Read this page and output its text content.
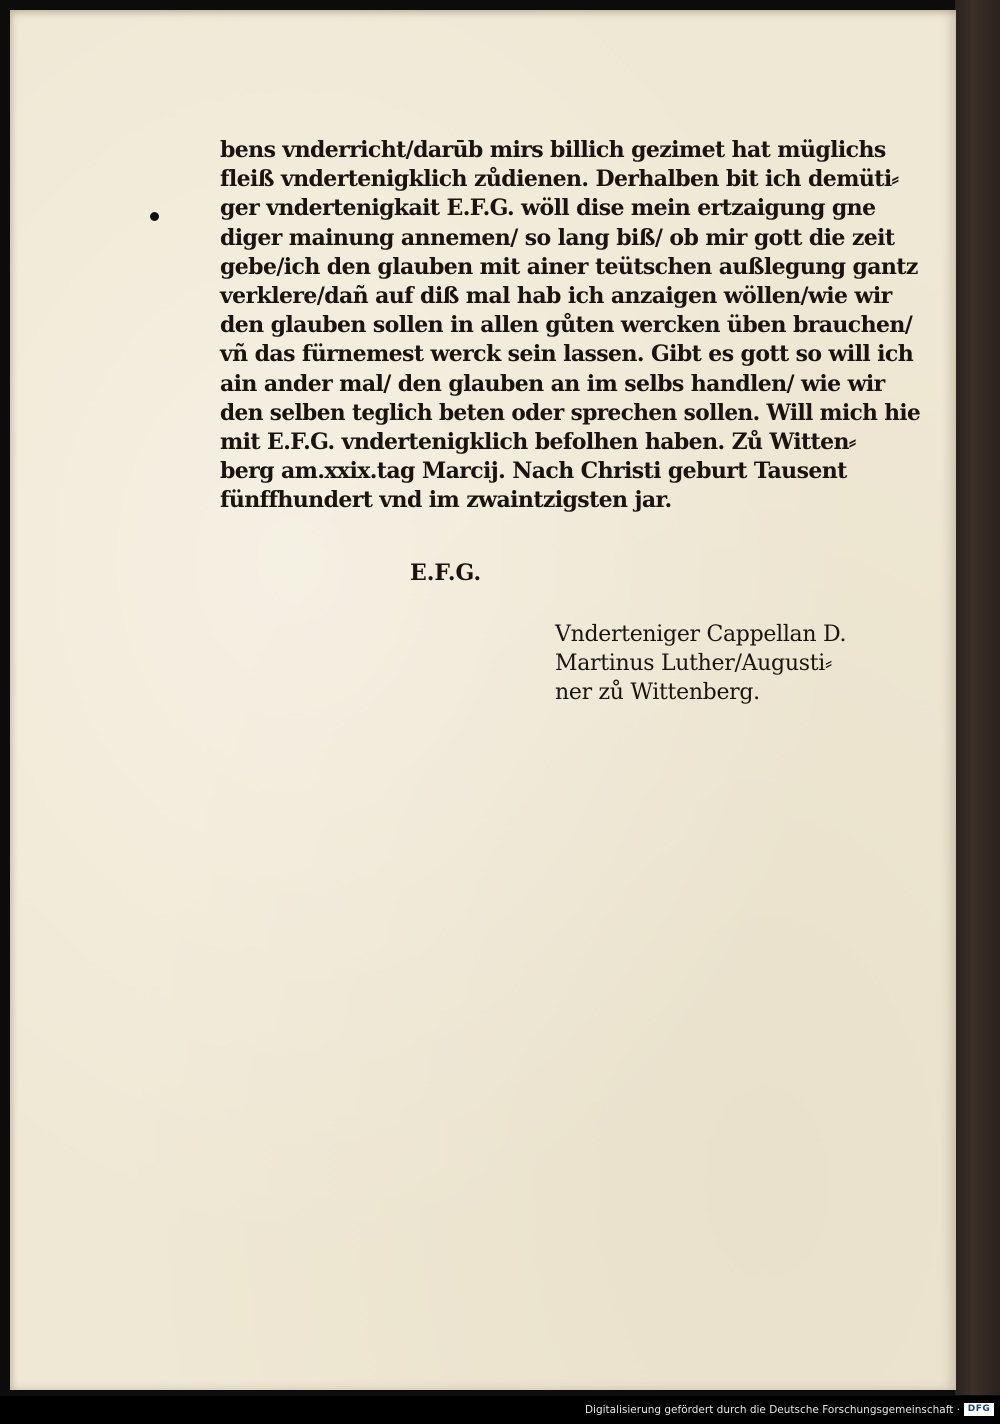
bens vnderricht/darūb mirs billich gezimet hat müglichs
fleiß vndertenigklich zůdienen. Derhalben bit ich demüti⸗
ger vndertenigkait E.F.G. wöll dise mein ertzaigung gne
diger mainung annemen/ so lang biß/ ob mir gott die zeit
gebe/ich den glauben mit ainer teütschen außlegung gantz
verklere/dañ auf diß mal hab ich anzaigen wöllen/wie wir
den glauben sollen in allen gůten wercken üben brauchen/
vñ das fürnemest werck sein lassen. Gibt es gott so will ich
ain ander mal/ den glauben an im selbs handlen/ wie wir
den selben teglich beten oder sprechen sollen. Will mich hie
mit E.F.G. vndertenigklich befolhen haben. Zů Witten⸗
berg am.xxix.tag Marcij. Nach Christi geburt Tausent
fünffhundert vnd im zwaintzigsten jar.
E.F.G.
Vnderteniger Cappellan D.
Martinus Luther/Augusti⸗
ner zů Wittenberg.
Digitalisierung gefördert durch die Deutsche Forschungsgemeinschaft · DFG
